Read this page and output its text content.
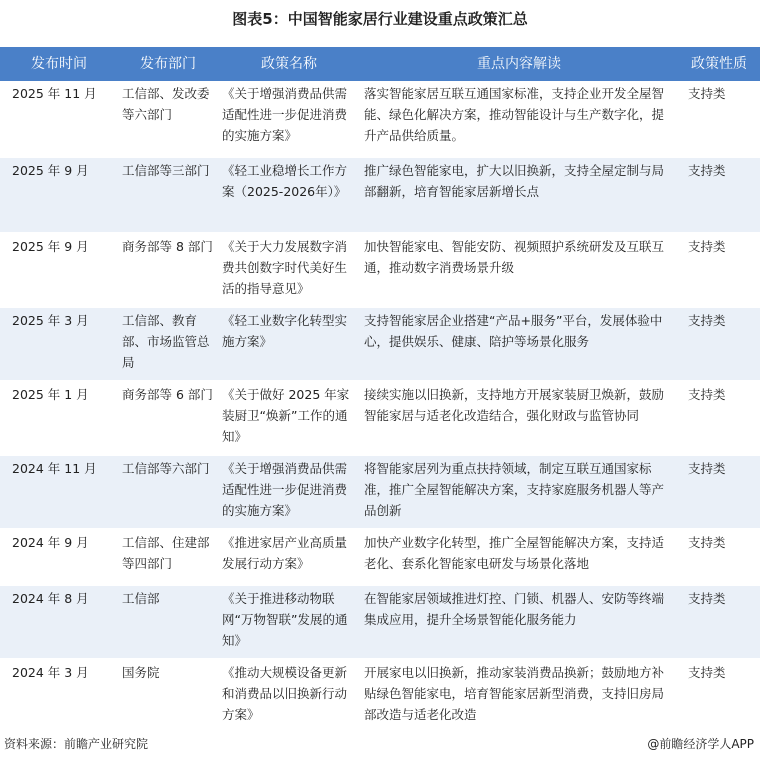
图表5：中国智能家居行业建设重点政策汇总
发布时间	发布部门	政策名称	重点内容解读	政策性质
2025 年 11 月	工信部、发改委等六部门	《关于增强消费品供需适配性进一步促进消费的实施方案》	落实智能家居互联互通国家标准，支持企业开发全屋智能、绿色化解决方案，推动智能设计与生产数字化，提升产品供给质量。	支持类
2025 年 9 月	工信部等三部门	《轻工业稳增长工作方案（2025-2026年）》	推广绿色智能家电，扩大以旧换新，支持全屋定制与局部翻新，培育智能家居新增长点	支持类
2025 年 9 月	商务部等 8 部门	《关于大力发展数字消费共创数字时代美好生活的指导意见》	加快智能家电、智能安防、视频照护系统研发及互联互通，推动数字消费场景升级	支持类
2025 年 3 月	工信部、教育部、市场监管总局	《轻工业数字化转型实施方案》	支持智能家居企业搭建“产品+服务”平台，发展体验中心，提供娱乐、健康、陪护等场景化服务	支持类
2025 年 1 月	商务部等 6 部门	《关于做好 2025 年家装厨卫“焕新”工作的通知》	接续实施以旧换新，支持地方开展家装厨卫焕新，鼓励智能家居与适老化改造结合，强化财政与监管协同	支持类
2024 年 11 月	工信部等六部门	《关于增强消费品供需适配性进一步促进消费的实施方案》	将智能家居列为重点扶持领域，制定互联互通国家标准，推广全屋智能解决方案，支持家庭服务机器人等产品创新	支持类
2024 年 9 月	工信部、住建部等四部门	《推进家居产业高质量发展行动方案》	加快产业数字化转型，推广全屋智能解决方案，支持适老化、套系化智能家电研发与场景化落地	支持类
2024 年 8 月	工信部	《关于推进移动物联网“万物智联”发展的通知》	在智能家居领域推进灯控、门锁、机器人、安防等终端集成应用，提升全场景智能化服务能力	支持类
2024 年 3 月	国务院	《推动大规模设备更新和消费品以旧换新行动方案》	开展家电以旧换新，推动家装消费品换新；鼓励地方补贴绿色智能家电，培育智能家居新型消费，支持旧房局部改造与适老化改造	支持类
资料来源：前瞻产业研究院	@前瞻经济学人APP
